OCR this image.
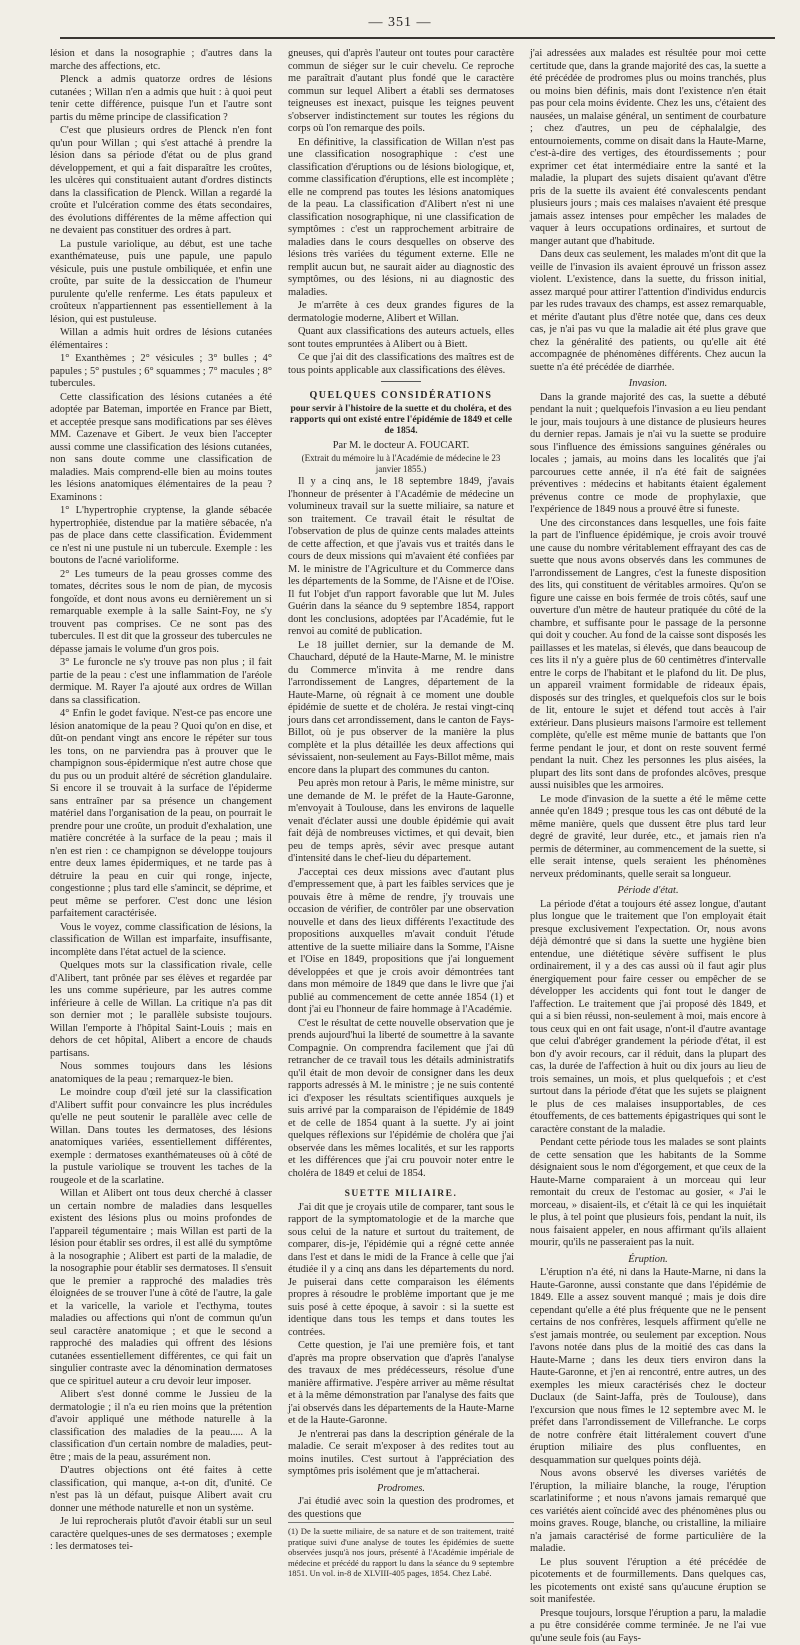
— 351 —

lésion et dans la nosographie ; d'autres dans la marche des affections, etc.

Plenck a admis quatorze ordres de lésions cutanées ; Willan n'en a admis que huit : à quoi peut tenir cette différence, puisque l'un et l'autre sont partis du même principe de classification ?

C'est que plusieurs ordres de Plenck n'en font qu'un pour Willan ; qui s'est attaché à prendre la lésion dans sa période d'état ou de plus grand développement, et qui a fait disparaître les croûtes, les ulcères qui constituaient autant d'ordres distincts dans la classification de Plenck. Willan a regardé la croûte et l'ulcération comme des états secondaires, des évolutions différentes de la même affection qui ne devaient pas constituer des ordres à part.

La pustule variolique, au début, est une tache exanthémateuse, puis une papule, une papulo vésicule, puis une pustule ombiliquée, et enfin une croûte, par suite de la dessiccation de l'humeur purulente qu'elle renferme. Les états papuleux et croûteux n'appartiennent pas essentiellement à la lésion, qui est pustuleuse.

Willan a admis huit ordres de lésions cutanées élémentaires :

1° Exanthèmes ; 2° vésicules ; 3° bulles ; 4° papules ; 5° pustules ; 6° squammes ; 7° macules ; 8° tubercules.

Cette classification des lésions cutanées a été adoptée par Bateman, importée en France par Biett, et acceptée presque sans modifications par ses élèves MM. Cazenave et Gibert. Je veux bien l'accepter aussi comme une classification des lésions cutanées, non sans doute comme une classification de maladies. Mais comprend-elle bien au moins toutes les lésions anatomiques élémentaires de la peau ? Examinons :

1° L'hypertrophie cryptense, la glande sébacée hypertrophiée, distendue par la matière sébacée, n'a pas de place dans cette classification. Évidemment ce n'est ni une pustule ni un tubercule. Exemple : les boutons de l'acné varioliforme.

2° Les tumeurs de la peau grosses comme des tomates, décrites sous le nom de pian, de mycosis fongoïde, et dont nous avons eu dernièrement un si remarquable exemple à la salle Saint-Foy, ne s'y trouvent pas comprises. Ce ne sont pas des tubercules. Il est dit que la grosseur des tubercules ne dépasse jamais le volume d'un gros pois.

3° Le furoncle ne s'y trouve pas non plus ; il fait partie de la peau : c'est une inflammation de l'aréole dermique. M. Rayer l'a ajouté aux ordres de Willan dans sa classification.

4° Enfin le godet favique. N'est-ce pas encore une lésion anatomique de la peau ? Quoi qu'on en dise, et dût-on pendant vingt ans encore le répéter sur tous les tons, on ne parviendra pas à prouver que le champignon sous-épidermique n'est autre chose que du pus ou un produit altéré de sécrétion glandulaire. Si encore il se trouvait à la surface de l'épiderme sans entraîner par sa présence un changement matériel dans l'organisation de la peau, on pourrait le prendre pour une croûte, un produit d'exhalation, une matière concrétée à la surface de la peau ; mais il n'en est rien : ce champignon se développe toujours entre deux lames épidermiques, et ne tarde pas à détruire la peau en cuir qui ronge, injecte, congestionne ; plus tard elle s'amincit, se déprime, et peut même se perforer. C'est donc une lésion parfaitement caractérisée.

Vous le voyez, comme classification de lésions, la classification de Willan est imparfaite, insuffisante, incomplète dans l'état actuel de la science.

Quelques mots sur la classification rivale, celle d'Alibert, tant prônée par ses élèves et regardée par les uns comme supérieure, par les autres comme inférieure à celle de Willan. La critique n'a pas dit son dernier mot ; le parallèle subsiste toujours. Willan l'emporte à l'hôpital Saint-Louis ; mais en dehors de cet hôpital, Alibert a encore de chauds partisans.

Nous sommes toujours dans les lésions anatomiques de la peau ; remarquez-le bien.

Le moindre coup d'œil jeté sur la classification d'Alibert suffit pour convaincre les plus incrédules qu'elle ne peut soutenir le parallèle avec celle de Willan. Dans toutes les dermatoses, des lésions anatomiques variées, essentiellement différentes, exemple : dermatoses exanthémateuses où à côté de la pustule variolique se trouvent les taches de la rougeole et de la scarlatine.

Willan et Alibert ont tous deux cherché à classer un certain nombre de maladies dans lesquelles existent des lésions plus ou moins profondes de l'appareil tégumentaire ; mais Willan est parti de la lésion pour établir ses ordres, il est allé du symptôme à la nosographie ; Alibert est parti de la maladie, de la nosographie pour établir ses dermatoses. Il s'ensuit que le premier a rapproché des maladies très éloignées de se trouver l'une à côté de l'autre, la gale et la varicelle, la variole et l'ecthyma, toutes maladies ou affections qui n'ont de commun qu'un seul caractère anatomique ; et que le second a rapproché des maladies qui offrent des lésions cutanées essentiellement différentes, ce qui fait un singulier contraste avec la dénomination dermatoses que ce spirituel auteur a cru devoir leur imposer.

Alibert s'est donné comme le Jussieu de la dermatologie ; il n'a eu rien moins que la prétention d'avoir appliqué une méthode naturelle à la classification des maladies de la peau..... A la classification d'un certain nombre de maladies, peut-être ; mais de la peau, assurément non.

D'autres objections ont été faites à cette classification, qui manque, a-t-on dit, d'unité. Ce n'est pas là un défaut, puisque Alibert avait cru donner une méthode naturelle et non un système.

Je lui reprocherais plutôt d'avoir établi sur un seul caractère quelques-unes de ses dermatoses ; exemple : les dermatoses tei-

gneuses, qui d'après l'auteur ont toutes pour caractère commun de siéger sur le cuir chevelu. Ce reproche me paraîtrait d'autant plus fondé que le caractère commun sur lequel Alibert a établi ses dermatoses teigneuses est inexact, puisque les teignes peuvent s'observer indistinctement sur toutes les régions du corps où l'on remarque des poils.

En définitive, la classification de Willan n'est pas une classification nosographique : c'est une classification d'éruptions ou de lésions biologique, et, comme classification d'éruptions, elle est incomplète ; elle ne comprend pas toutes les lésions anatomiques de la peau. La classification d'Alibert n'est ni une classification nosographique, ni une classification de symptômes : c'est un rapprochement arbitraire de maladies dans le cours desquelles on observe des lésions très variées du tégument externe. Elle ne remplit aucun but, ne saurait aider au diagnostic des symptômes, ou des lésions, ni au diagnostic des maladies.

Je m'arrête à ces deux grandes figures de la dermatologie moderne, Alibert et Willan.

Quant aux classifications des auteurs actuels, elles sont toutes empruntées à Alibert ou à Biett.

Ce que j'ai dit des classifications des maîtres est de tous points applicable aux classifications des élèves.

QUELQUES CONSIDÉRATIONS

pour servir à l'histoire de la suette et du choléra, et des rapports qui ont existé entre l'épidémie de 1849 et celle de 1854.

Par M. le docteur A. FOUCART.

(Extrait du mémoire lu à l'Académie de médecine le 23 janvier 1855.)

Il y a cinq ans, le 18 septembre 1849, j'avais l'honneur de présenter à l'Académie de médecine un volumineux travail sur la suette miliaire, sa nature et son traitement. Ce travail était le résultat de l'observation de plus de quinze cents malades atteints de cette affection, et que j'avais vus et traités dans le cours de deux missions qui m'avaient été confiées par M. le ministre de l'Agriculture et du Commerce dans les départements de la Somme, de l'Aisne et de l'Oise. Il fut l'objet d'un rapport favorable que lut M. Jules Guérin dans la séance du 9 septembre 1854, rapport dont les conclusions, adoptées par l'Académie, fut le renvoi au comité de publication.

Le 18 juillet dernier, sur la demande de M. Chauchard, député de la Haute-Marne, M. le ministre du Commerce m'invita à me rendre dans l'arrondissement de Langres, département de la Haute-Marne, où régnait à ce moment une double épidémie de suette et de choléra. Je restai vingt-cinq jours dans cet arrondissement, dans le canton de Fays-Billot, où je pus observer de la manière la plus complète et la plus détaillée les deux affections qui sévissaient, non-seulement au Fays-Billot même, mais encore dans la plupart des communes du canton.

Peu après mon retour à Paris, le même ministre, sur une demande de M. le préfet de la Haute-Garonne, m'envoyait à Toulouse, dans les environs de laquelle venait d'éclater aussi une double épidémie qui avait fait déjà de nombreuses victimes, et qui devait, bien peu de temps après, sévir avec presque autant d'intensité dans le chef-lieu du département.

J'acceptai ces deux missions avec d'autant plus d'empressement que, à part les faibles services que je pouvais être à même de rendre, j'y trouvais une occasion de vérifier, de contrôler par une observation nouvelle et dans des lieux différents l'exactitude des propositions auxquelles m'avait conduit l'étude attentive de la suette miliaire dans la Somme, l'Aisne et l'Oise en 1849, propositions que j'ai longuement développées et que je crois avoir démontrées tant dans mon mémoire de 1849 que dans le livre que j'ai publié au commencement de cette année 1854 (1) et dont j'ai eu l'honneur de faire hommage à l'Académie.

C'est le résultat de cette nouvelle observation que je prends aujourd'hui la liberté de soumettre à la savante Compagnie. On comprendra facilement que j'ai dû retrancher de ce travail tous les détails administratifs qu'il était de mon devoir de consigner dans les deux rapports adressés à M. le ministre ; je ne suis contenté ici d'exposer les résultats scientifiques auxquels je suis arrivé par la comparaison de l'épidémie de 1849 et de celle de 1854 quant à la suette. J'y ai joint quelques réflexions sur l'épidémie de choléra que j'ai observée dans les mêmes localités, et sur les rapports et les différences que j'ai cru pouvoir noter entre le choléra de 1849 et celui de 1854.

SUETTE MILIAIRE.

J'ai dit que je croyais utile de comparer, tant sous le rapport de la symptomatologie et de la marche que sous celui de la nature et surtout du traitement, de comparer, dis-je, l'épidémie qui a régné cette année dans l'est et dans le midi de la France à celle que j'ai étudiée il y a cinq ans dans les départements du nord. Je puiserai dans cette comparaison les éléments propres à résoudre le problème important que je me suis posé à cette époque, à savoir : si la suette est identique dans tous les temps et dans toutes les contrées.

Cette question, je l'ai une première fois, et tant d'après ma propre observation que d'après l'analyse des travaux de mes prédécesseurs, résolue d'une manière affirmative. J'espère arriver au même résultat et à la même démonstration par l'analyse des faits que j'ai observés dans les départements de la Haute-Marne et de la Haute-Garonne.

Je n'entrerai pas dans la description générale de la maladie. Ce serait m'exposer à des redites tout au moins inutiles. C'est surtout à l'appréciation des symptômes pris isolément que je m'attacherai.

Prodromes.

J'ai étudié avec soin la question des prodromes, et des questions que

(1) De la suette miliaire, de sa nature et de son traitement, traité pratique suivi d'une analyse de toutes les épidémies de suette observées jusqu'à nos jours, présenté à l'Académie impériale de médecine et précédé du rapport lu dans la séance du 9 septembre 1851. Un vol. in-8 de XLVIII-405 pages, 1854. Chez Labé.

j'ai adressées aux malades est résultée pour moi cette certitude que, dans la grande majorité des cas, la suette a été précédée de prodromes plus ou moins tranchés, plus ou moins bien définis, mais dont l'existence n'en était pas pour cela moins évidente. Chez les uns, c'étaient des nausées, un malaise général, un sentiment de courbature ; chez d'autres, un peu de céphalalgie, des entournoiements, comme on disait dans la Haute-Marne, c'est-à-dire des vertiges, des étourdissements ; pour exprimer cet état intermédiaire entre la santé et la maladie, la plupart des sujets disaient qu'avant d'être pris de la suette ils avaient été convalescents pendant plusieurs jours ; mais ces malaises n'avaient été presque jamais assez intenses pour empêcher les malades de vaquer à leurs occupations ordinaires, et surtout de manger autant que d'habitude.

Dans deux cas seulement, les malades m'ont dit que la veille de l'invasion ils avaient éprouvé un frisson assez violent. L'existence, dans la suette, du frisson initial, assez marqué pour attirer l'attention d'individus endurcis par les rudes travaux des champs, est assez remarquable, et mérite d'autant plus d'être notée que, dans ces deux cas, je n'ai pas vu que la maladie ait été plus grave que chez la généralité des patients, ou qu'elle ait été accompagnée de phénomènes différents. Chez aucun la suette n'a été précédée de diarrhée.

Invasion.

Dans la grande majorité des cas, la suette a débuté pendant la nuit ; quelquefois l'invasion a eu lieu pendant le jour, mais toujours à une distance de plusieurs heures du dernier repas. Jamais je n'ai vu la suette se produire sous l'influence des émissions sanguines générales ou locales ; jamais, au moins dans les localités que j'ai parcourues cette année, il n'a été fait de saignées préventives : médecins et habitants étaient également prévenus contre ce mode de prophylaxie, que l'expérience de 1849 nous a prouvé être si funeste.

Une des circonstances dans lesquelles, une fois faite la part de l'influence épidémique, je crois avoir trouvé une cause du nombre véritablement effrayant des cas de suette que nous avons observés dans les communes de l'arrondissement de Langres, c'est la funeste disposition des lits, qui constituent de véritables armoires. Qu'on se figure une caisse en bois fermée de trois côtés, sauf une ouverture d'un mètre de hauteur pratiquée du côté de la chambre, et suffisante pour le passage de la personne qui doit y coucher. Au fond de la caisse sont disposés les paillasses et les matelas, si élevés, que dans beaucoup de ces lits il n'y a guère plus de 60 centimètres d'intervalle entre le corps de l'habitant et le plafond du lit. De plus, un appareil vraiment formidable de rideaux épais, disposés sur des tringles, et quelquefois clos sur le bois de lit, entoure le sujet et défend tout accès à l'air extérieur. Dans plusieurs maisons l'armoire est tellement complète, qu'elle est même munie de battants que l'on ferme pendant le jour, et dont on reste souvent fermé pendant la nuit. Chez les personnes les plus aisées, la plupart des lits sont dans de profondes alcôves, presque aussi nuisibles que les armoires.

Le mode d'invasion de la suette a été le même cette année qu'en 1849 ; presque tous les cas ont débuté de la même manière, quels que dussent être plus tard leur degré de gravité, leur durée, etc., et jamais rien n'a permis de déterminer, au commencement de la suette, si elle serait intense, quels seraient les phénomènes nerveux prédominants, quelle serait sa longueur.

Période d'état.

La période d'état a toujours été assez longue, d'autant plus longue que le traitement que l'on employait était presque exclusivement l'expectation. Or, nous avons déjà démontré que si dans la suette une hygiène bien entendue, une diététique sévère suffisent le plus ordinairement, il y a des cas aussi où il faut agir plus énergiquement pour faire cesser ou empêcher de se développer les accidents qui font tout le danger de l'affection. Le traitement que j'ai proposé dès 1849, et qui a si bien réussi, non-seulement à moi, mais encore à tous ceux qui en ont fait usage, n'ont-il d'autre avantage que celui d'abréger grandement la période d'état, il est bon d'y avoir recours, car il réduit, dans la plupart des cas, la durée de l'affection à huit ou dix jours au lieu de trois semaines, un mois, et plus quelquefois ; et c'est surtout dans la période d'état que les sujets se plaignent le plus de ces malaises insupportables, de ces étouffements, de ces battements épigastriques qui sont le caractère constant de la maladie.

Pendant cette période tous les malades se sont plaints de cette sensation que les habitants de la Somme désignaient sous le nom d'égorgement, et que ceux de la Haute-Marne comparaient à un morceau qui leur remontait du creux de l'estomac au gosier, « J'ai le morceau, » disaient-ils, et c'était là ce qui les inquiétait le plus, à tel point que plusieurs fois, pendant la nuit, ils nous faisaient appeler, en nous affirmant qu'ils allaient mourir, qu'ils ne passeraient pas la nuit.

Éruption.

L'éruption n'a été, ni dans la Haute-Marne, ni dans la Haute-Garonne, aussi constante que dans l'épidémie de 1849. Elle a assez souvent manqué ; mais je dois dire cependant qu'elle a été plus fréquente que ne le pensent certains de nos confrères, lesquels affirment qu'elle ne s'est jamais montrée, ou seulement par exception. Nous l'avons notée dans plus de la moitié des cas dans la Haute-Marne ; dans les deux tiers environ dans la Haute-Garonne, et j'en ai rencontré, entre autres, un des exemples les mieux caractérisés chez le docteur Duclaux (de Saint-Jaffa, près de Toulouse), dans l'excursion que nous fîmes le 12 septembre avec M. le préfet dans l'arrondissement de Villefranche. Le corps de notre confrère était littéralement couvert d'une éruption miliaire des plus confluentes, en desquammation sur quelques points déjà.

Nous avons observé les diverses variétés de l'éruption, la miliaire blanche, la rouge, l'éruption scarlatiniforme ; et nous n'avons jamais remarqué que ces variétés aient coïncidé avec des phénomènes plus ou moins graves. Rouge, blanche, ou cristalline, la miliaire n'a jamais caractérisé de forme particulière de la maladie.

Le plus souvent l'éruption a été précédée de picotements et de fourmillements. Dans quelques cas, les picotements ont existé sans qu'aucune éruption se soit manifestée.

Presque toujours, lorsque l'éruption a paru, la maladie a pu être considérée comme terminée. Je ne l'ai vue qu'une seule fois (au Fays-
